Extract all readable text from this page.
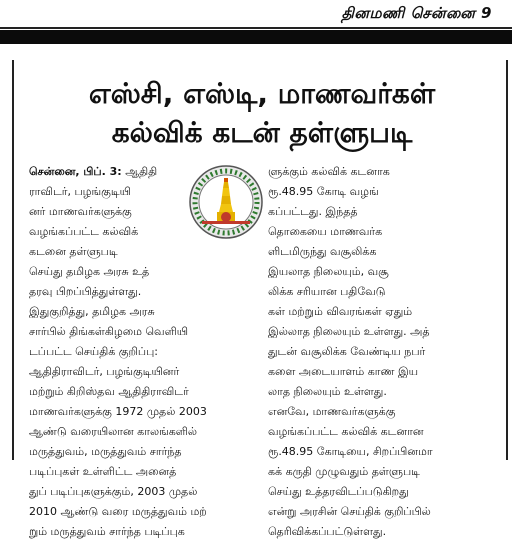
தினமணி சென்னை 9
எஸ்சி, எஸ்டி, மாணவர்கள்
கல்விக் கடன் தள்ளுபடி
சென்னை, பிப். 3: ஆதிதி
ராவிடர், பழங்குடியி
னர் மாணவர்களுக்கு
வழங்கப்பட்ட கல்விக்
கடனை தள்ளுபடி
செய்து தமிழக அரசு உத்
தரவு பிறப்பித்துள்ளது.
இதுகுறித்து, தமிழக அரசு
சார்பில் திங்கள்கிழமை வெளியி
டப்பட்ட செய்திக் குறிப்பு:
ஆதிதிராவிடர், பழங்குடியினர்
மற்றும் கிறிஸ்தவ ஆதிதிராவிடர்
மாணவர்களுக்கு 1972 முதல் 2003
ஆண்டு வரையிலான காலங்களில்
மருத்துவம், மருத்துவம் சார்ந்த
படிப்புகள் உள்ளிட்ட அனைத்
துப் படிப்புகளுக்கும், 2003 முதல்
2010 ஆண்டு வரை மருத்துவம் மற்
றும் மருத்துவம் சார்ந்த படிப்புக
ளுக்கும் கல்விக் கடனாக
ரூ.48.95 கோடி வழங்
கப்பட்டது. இந்தத்
தொகையை மாணவர்க
ளிடமிருந்து வசூலிக்க
இயலாத நிலையும், வசூ
லிக்க சரியான பதிவேடு
கள் மற்றும் விவரங்கள் ஏதும்
இல்லாத நிலையும் உள்ளது. அத்
துடன் வசூலிக்க வேண்டிய நபர்
களை அடையாளம் காண இய
லாத நிலையும் உள்ளது.
எனவே, மாணவர்களுக்கு
வழங்கப்பட்ட கல்விக் கடனான
ரூ.48.95 கோடியை, சிறப்பினமா
கக் கருதி முழுவதும் தள்ளுபடி
செய்து உத்தரவிடப்படுகிறது
என்று அரசின் செய்திக் குறிப்பில்
தெரிவிக்கப்பட்டுள்ளது.
